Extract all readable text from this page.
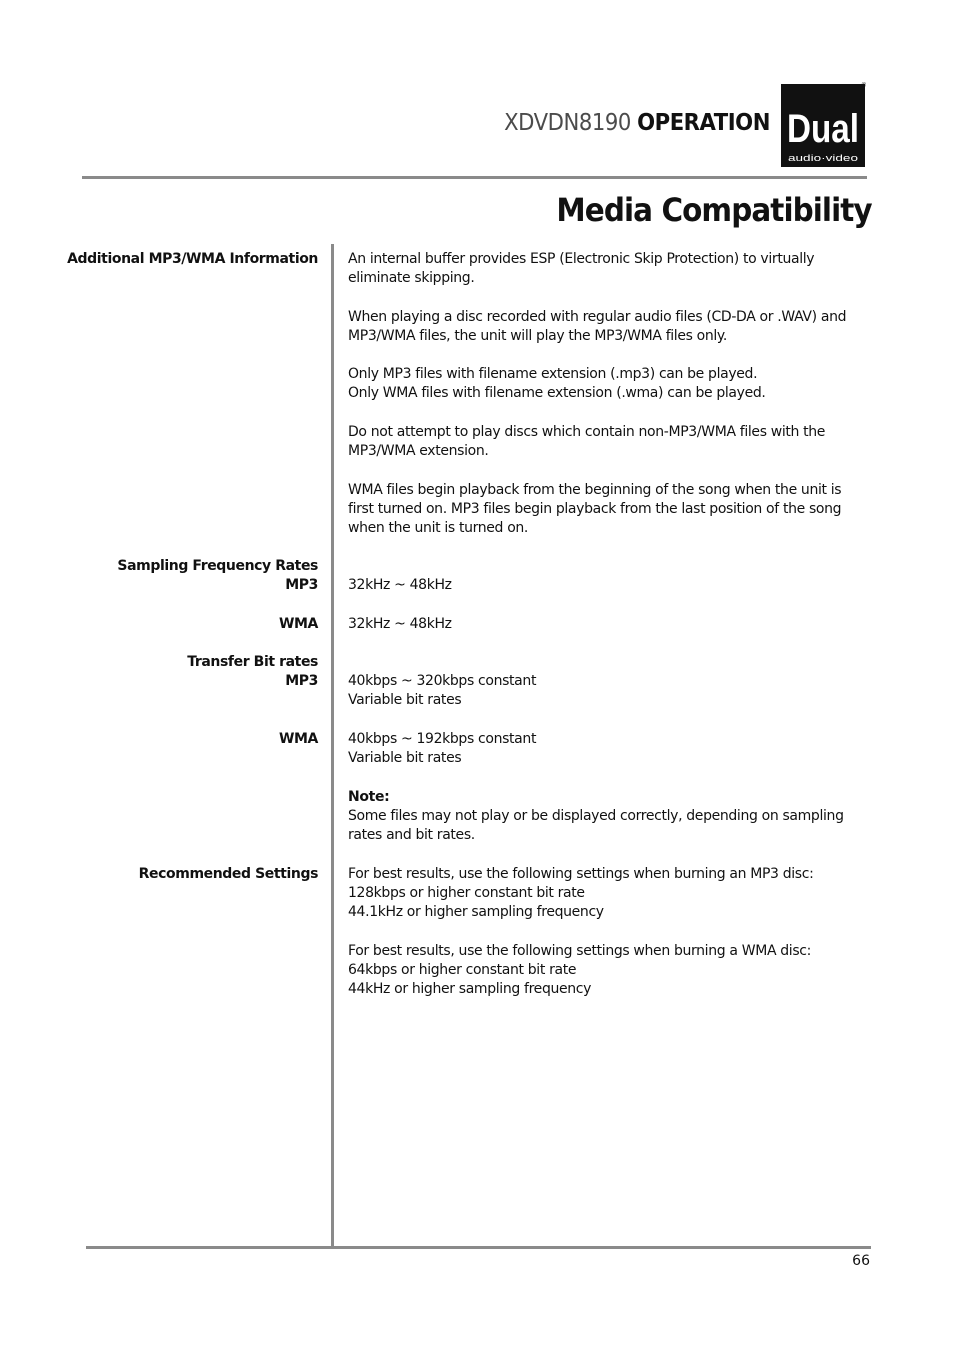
XDVDN8190 OPERATION Dual
audio·video
®
Media Compatibility
Additional MP3/WMA Information
Sampling Frequency Rates
MP3
WMA
Transfer Bit rates
MP3
WMA
Recommended Settings
An internal buffer provides ESP (Electronic Skip Protection) to virtually
eliminate skipping.
When playing a disc recorded with regular audio files (CD-DA or .WAV) and
MP3/WMA files, the unit will play the MP3/WMA files only.
Only MP3 files with filename extension (.mp3) can be played.
Only WMA files with filename extension (.wma) can be played.
Do not attempt to play discs which contain non-MP3/WMA files with the
MP3/WMA extension.
WMA files begin playback from the beginning of the song when the unit is
first turned on. MP3 files begin playback from the last position of the song
when the unit is turned on.
32kHz ~ 48kHz
32kHz ~ 48kHz
40kbps ~ 320kbps constant
Variable bit rates
40kbps ~ 192kbps constant
Variable bit rates
Note:
Some files may not play or be displayed correctly, depending on sampling
rates and bit rates.
For best results, use the following settings when burning an MP3 disc:
128kbps or higher constant bit rate
44.1kHz or higher sampling frequency
For best results, use the following settings when burning a WMA disc:
64kbps or higher constant bit rate
44kHz or higher sampling frequency
66
